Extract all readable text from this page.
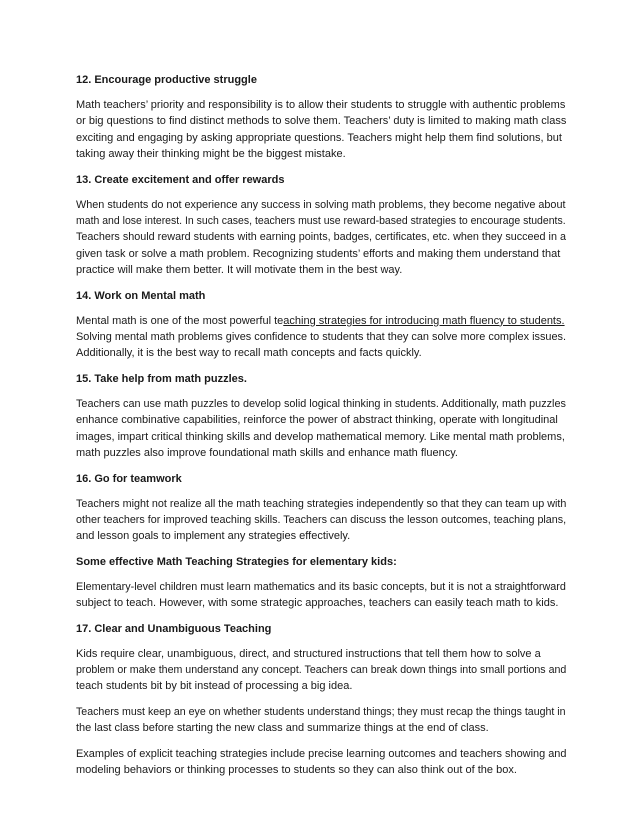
12. Encourage productive struggle
Math teachers’ priority and responsibility is to allow their students to struggle with authentic problems
or big questions to find distinct methods to solve them. Teachers’ duty is limited to making math class
exciting and engaging by asking appropriate questions. Teachers might help them find solutions, but
taking away their thinking might be the biggest mistake.
13. Create excitement and offer rewards
When students do not experience any success in solving math problems, they become negative about
math and lose interest. In such cases, teachers must use reward-based strategies to encourage students.
Teachers should reward students with earning points, badges, certificates, etc. when they succeed in a
given task or solve a math problem. Recognizing students’ efforts and making them understand that
practice will make them better. It will motivate them in the best way.
14. Work on Mental math
Mental math is one of the most powerful teaching strategies for introducing math fluency to students.
Solving mental math problems gives confidence to students that they can solve more complex issues.
Additionally, it is the best way to recall math concepts and facts quickly.
15. Take help from math puzzles.
Teachers can use math puzzles to develop solid logical thinking in students. Additionally, math puzzles
enhance combinative capabilities, reinforce the power of abstract thinking, operate with longitudinal
images, impart critical thinking skills and develop mathematical memory. Like mental math problems,
math puzzles also improve foundational math skills and enhance math fluency.
16. Go for teamwork
Teachers might not realize all the math teaching strategies independently so that they can team up with
other teachers for improved teaching skills. Teachers can discuss the lesson outcomes, teaching plans,
and lesson goals to implement any strategies effectively.
Some effective Math Teaching Strategies for elementary kids:
Elementary-level children must learn mathematics and its basic concepts, but it is not a straightforward
subject to teach. However, with some strategic approaches, teachers can easily teach math to kids.
17. Clear and Unambiguous Teaching
Kids require clear, unambiguous, direct, and structured instructions that tell them how to solve a
problem or make them understand any concept. Teachers can break down things into small portions and
teach students bit by bit instead of processing a big idea.
Teachers must keep an eye on whether students understand things; they must recap the things taught in
the last class before starting the new class and summarize things at the end of class.
Examples of explicit teaching strategies include precise learning outcomes and teachers showing and
modeling behaviors or thinking processes to students so they can also think out of the box.
